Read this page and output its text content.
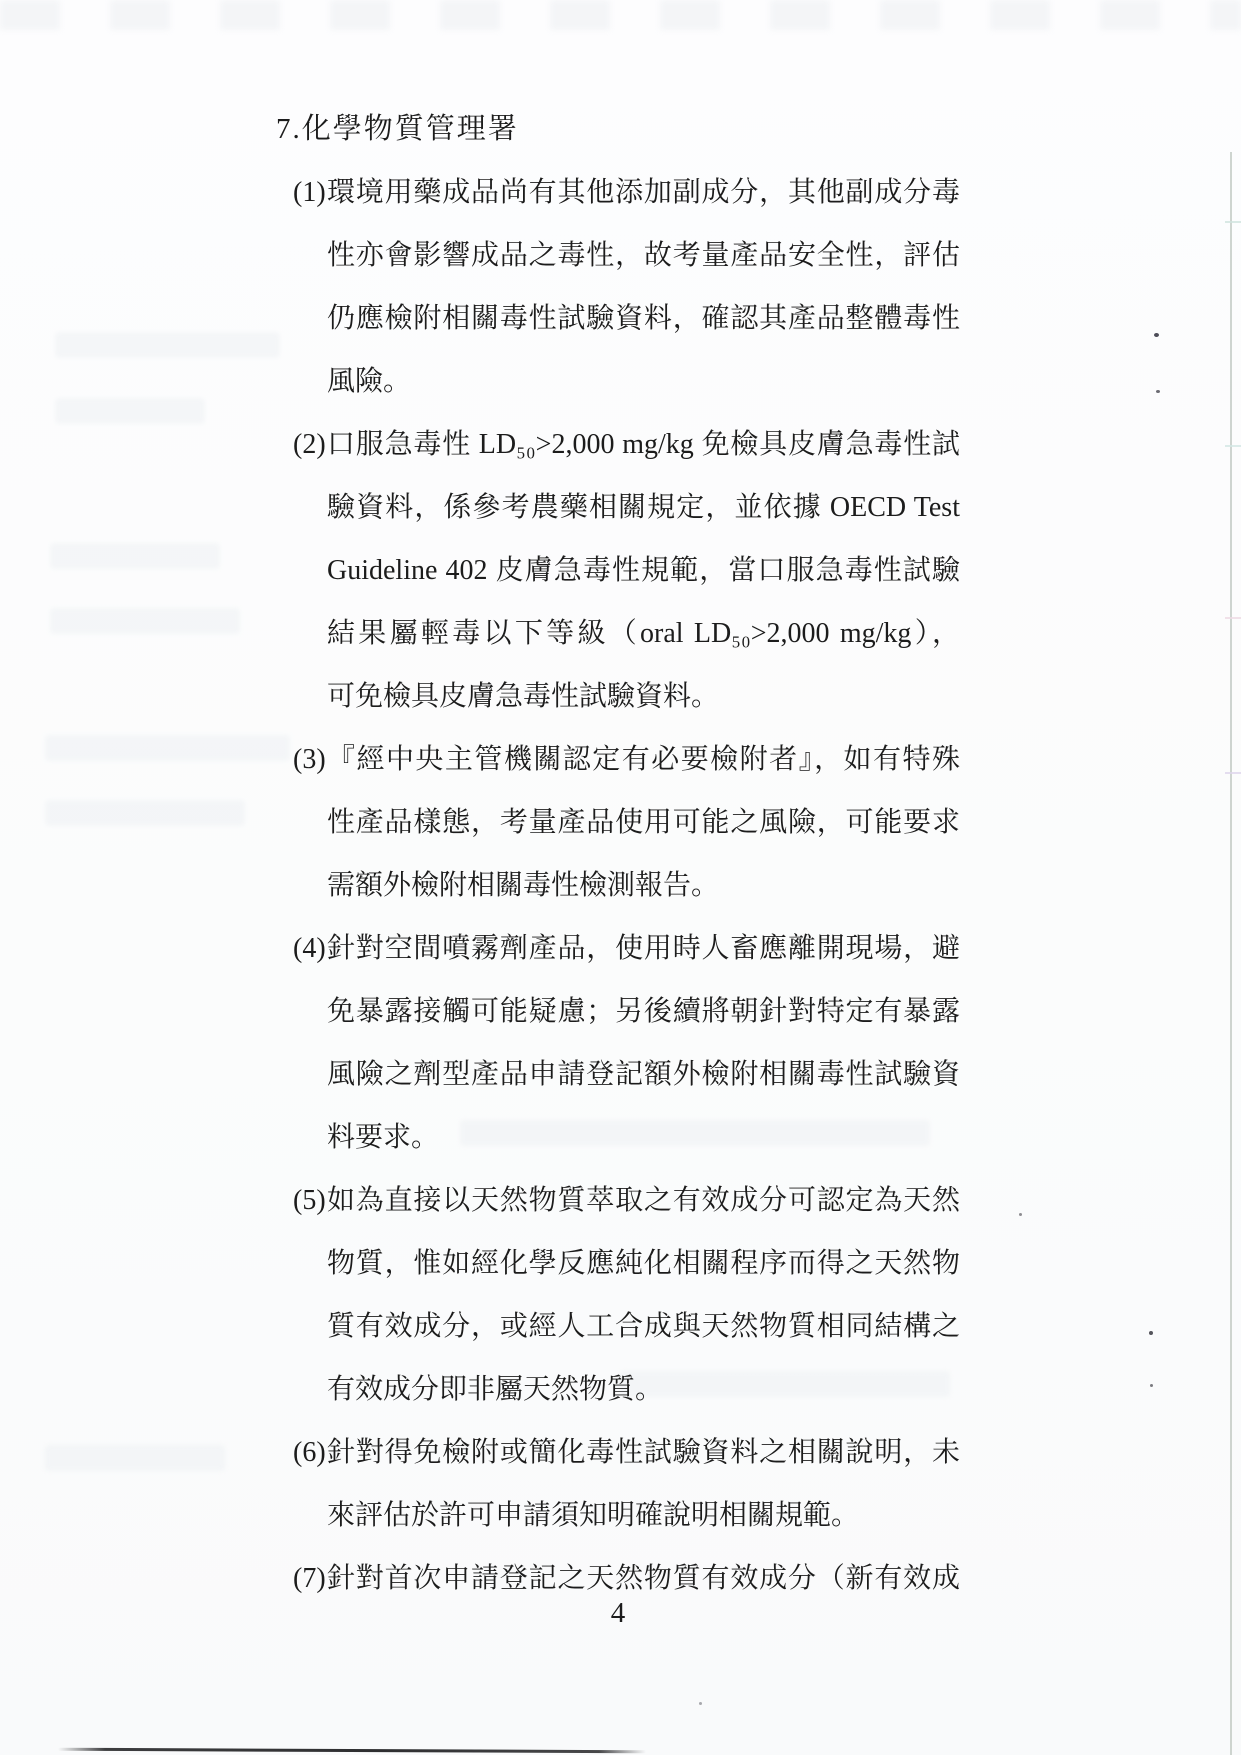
7.化學物質管理署
(1) 環境用藥成品尚有其他添加副成分，其他副成分毒
性亦會影響成品之毒性，故考量產品安全性，評估
仍應檢附相關毒性試驗資料，確認其產品整體毒性
風險。
(2) 口服急毒性 LD₅₀>2,000 mg/kg 免檢具皮膚急毒性試
驗資料，係參考農藥相關規定，並依據 OECD Test
Guideline 402 皮膚急毒性規範，當口服急毒性試驗
結果屬輕毒以下等級（oral LD₅₀>2,000 mg/kg），
可免檢具皮膚急毒性試驗資料。
(3) 『經中央主管機關認定有必要檢附者』，如有特殊
性產品樣態，考量產品使用可能之風險，可能要求
需額外檢附相關毒性檢測報告。
(4) 針對空間噴霧劑產品，使用時人畜應離開現場，避
免暴露接觸可能疑慮；另後續將朝針對特定有暴露
風險之劑型產品申請登記額外檢附相關毒性試驗資
料要求。
(5) 如為直接以天然物質萃取之有效成分可認定為天然
物質，惟如經化學反應純化相關程序而得之天然物
質有效成分，或經人工合成與天然物質相同結構之
有效成分即非屬天然物質。
(6) 針對得免檢附或簡化毒性試驗資料之相關說明，未
來評估於許可申請須知明確說明相關規範。
(7) 針對首次申請登記之天然物質有效成分（新有效成
4
